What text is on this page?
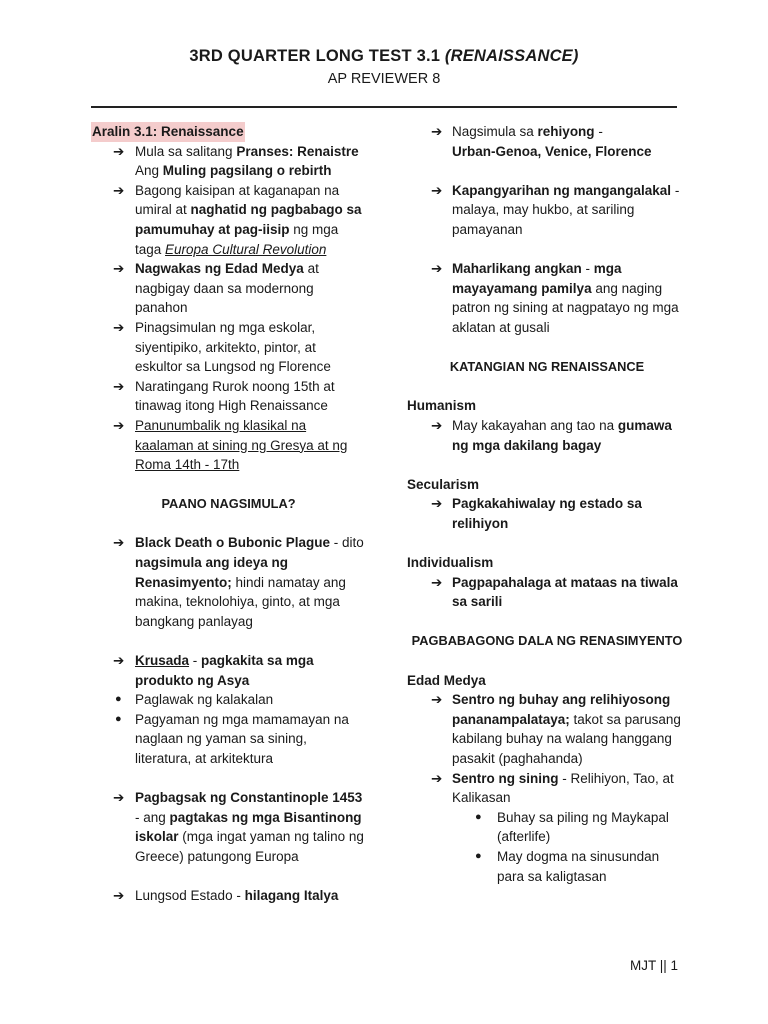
3RD QUARTER LONG TEST 3.1 (RENAISSANCE)
AP REVIEWER 8
Aralin 3.1: Renaissance
➔ Mula sa salitang Pranses: Renaistre Ang Muling pagsilang o rebirth
➔ Bagong kaisipan at kaganapan na umiral at naghatid ng pagbabago sa pamumuhay at pag-iisip ng mga taga Europa Cultural Revolution
➔ Nagwakas ng Edad Medya at nagbigay daan sa modernong panahon
➔ Pinagsimulan ng mga eskolar, siyentipiko, arkitekto, pintor, at eskultor sa Lungsod ng Florence
➔ Naratingang Rurok noong 15th at tinawag itong High Renaissance
➔ Panunumbalik ng klasikal na kaalaman at sining ng Gresya at ng Roma 14th - 17th
PAANO NAGSIMULA?
➔ Black Death o Bubonic Plague - dito nagsimula ang ideya ng Renasimyento; hindi namatay ang makina, teknolohiya, ginto, at mga bangkang panlayag
➔ Krusada - pagkakita sa mga produkto ng Asya
● Paglawak ng kalakalan
● Pagyaman ng mga mamamayan na naglaan ng yaman sa sining, literatura, at arkitektura
➔ Pagbagsak ng Constantinople 1453 - ang pagtakas ng mga Bisantinong iskolar (mga ingat yaman ng talino ng Greece) patungong Europa
➔ Lungsod Estado - hilagang Italya
➔ Nagsimula sa rehiyong -
Urban-Genoa, Venice, Florence
➔ Kapangyarihan ng mangangalakal - malaya, may hukbo, at sariling pamayanan
➔ Maharlikang angkan - mga mayayamang pamilya ang naging patron ng sining at nagpatayo ng mga aklatan at gusali
KATANGIAN NG RENAISSANCE
Humanism
➔ May kakayahan ang tao na gumawa ng mga dakilang bagay
Secularism
➔ Pagkakahiwalay ng estado sa relihiyon
Individualism
➔ Pagpapahalaga at mataas na tiwala sa sarili
PAGBABAGONG DALA NG RENASIMYENTO
Edad Medya
➔ Sentro ng buhay ang relihiyosong pananampalataya; takot sa parusang kabilang buhay na walang hanggang pasakit (paghahanda)
➔ Sentro ng sining - Relihiyon, Tao, at Kalikasan
●	Buhay sa piling ng Maykapal (afterlife)
●	May dogma na sinusundan para sa kaligtasan
MJT || 1
